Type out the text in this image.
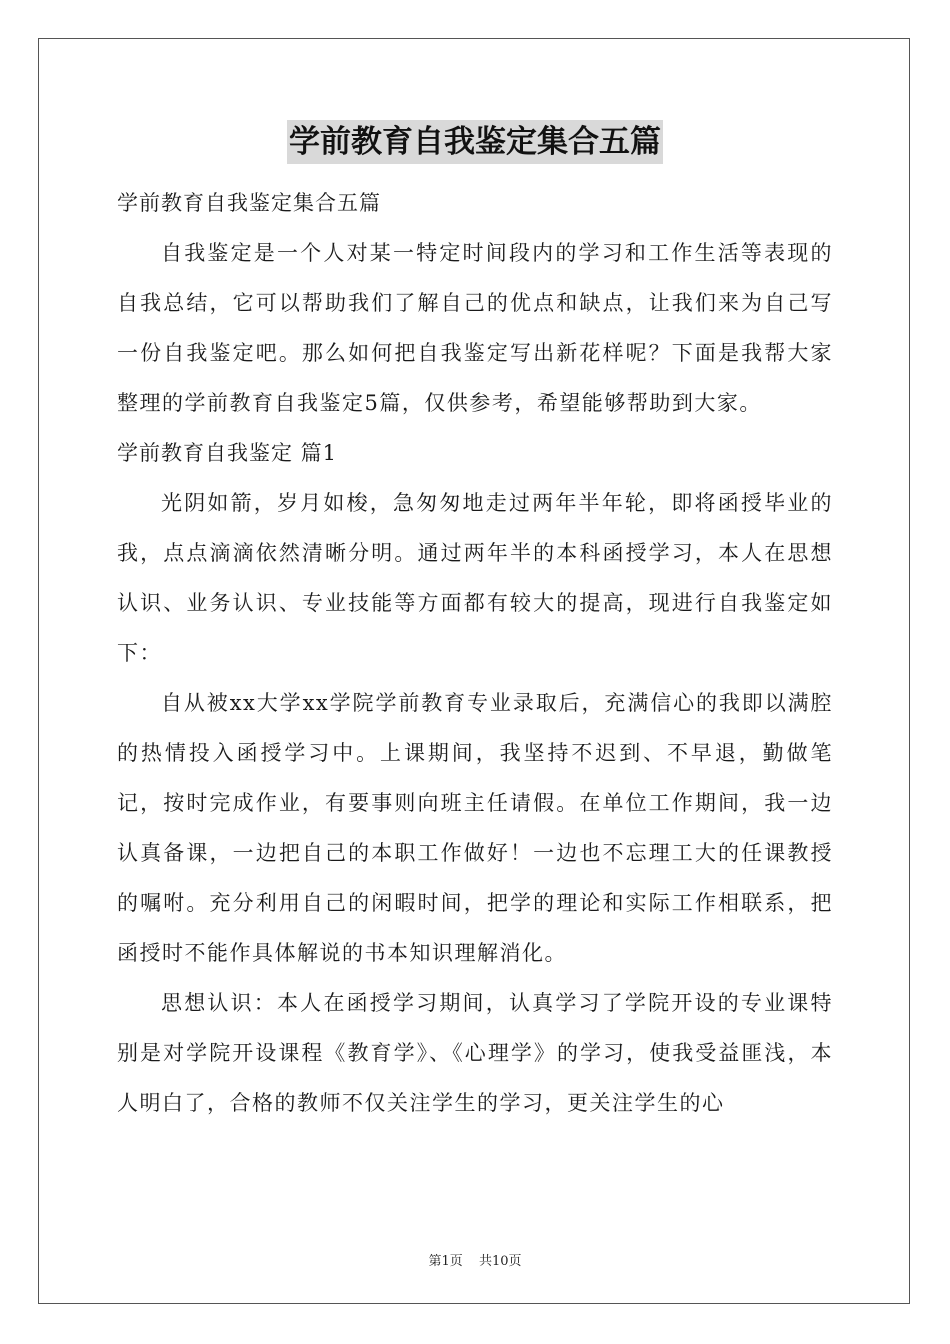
学前教育自我鉴定集合五篇

学前教育自我鉴定集合五篇

自我鉴定是一个人对某一特定时间段内的学习和工作生活等表现的自我总结，它可以帮助我们了解自己的优点和缺点，让我们来为自己写一份自我鉴定吧。那么如何把自我鉴定写出新花样呢？下面是我帮大家整理的学前教育自我鉴定5篇，仅供参考，希望能够帮助到大家。

学前教育自我鉴定 篇1

光阴如箭，岁月如梭，急匆匆地走过两年半年轮，即将函授毕业的我，点点滴滴依然清晰分明。通过两年半的本科函授学习，本人在思想认识、业务认识、专业技能等方面都有较大的提高，现进行自我鉴定如下：

自从被xx大学xx学院学前教育专业录取后，充满信心的我即以满腔的热情投入函授学习中。上课期间，我坚持不迟到、不早退，勤做笔记，按时完成作业，有要事则向班主任请假。在单位工作期间，我一边认真备课，一边把自己的本职工作做好！一边也不忘理工大的任课教授的嘱咐。充分利用自己的闲暇时间，把学的理论和实际工作相联系，把函授时不能作具体解说的书本知识理解消化。

思想认识：本人在函授学习期间，认真学习了学院开设的专业课特别是对学院开设课程《教育学》、《心理学》的学习，使我受益匪浅，本人明白了，合格的教师不仅关注学生的学习，更关注学生的心

第1页 共10页
